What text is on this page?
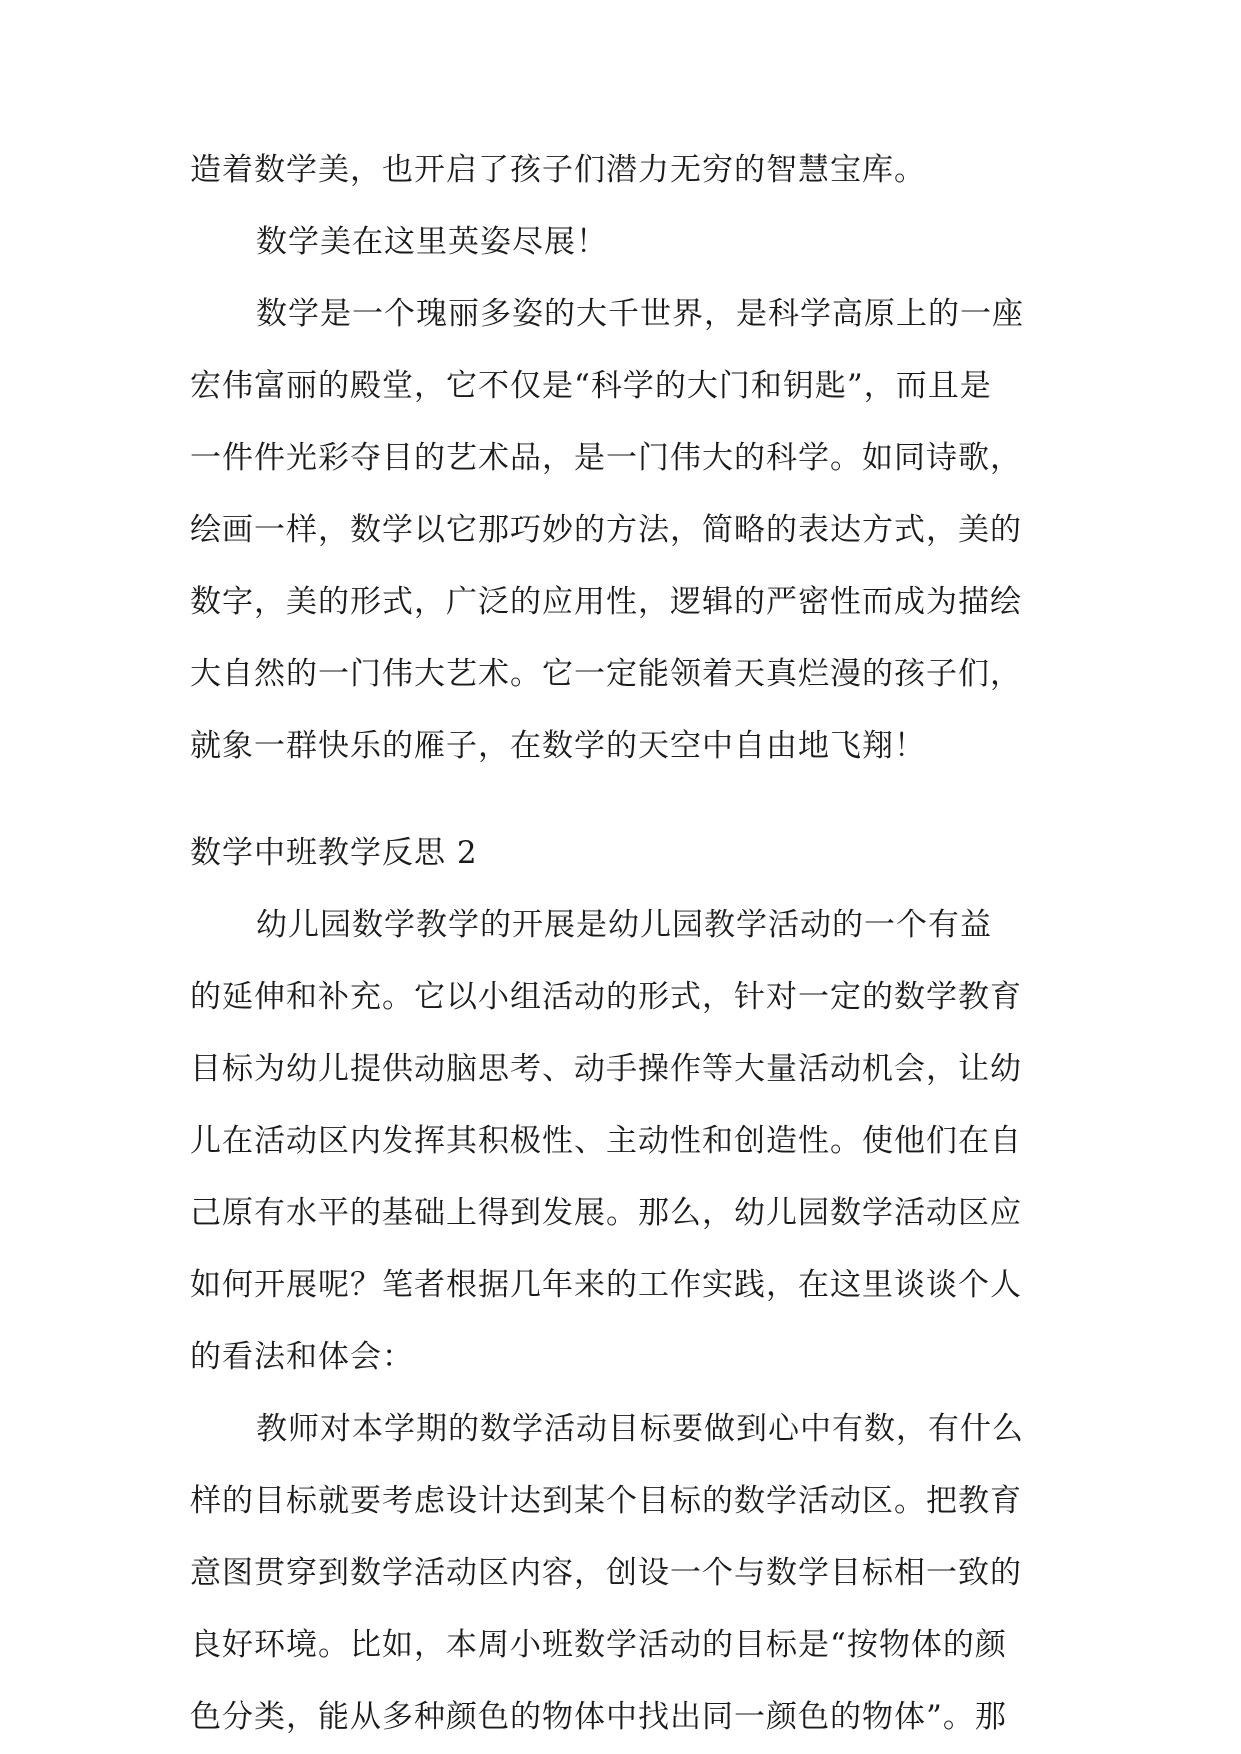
造着数学美，也开启了孩子们潜力无穷的智慧宝库。
数学美在这里英姿尽展！
数学是一个瑰丽多姿的大千世界，是科学高原上的一座
宏伟富丽的殿堂，它不仅是“科学的大门和钥匙”，而且是
一件件光彩夺目的艺术品，是一门伟大的科学。如同诗歌，
绘画一样，数学以它那巧妙的方法，简略的表达方式，美的
数字，美的形式，广泛的应用性，逻辑的严密性而成为描绘
大自然的一门伟大艺术。它一定能领着天真烂漫的孩子们，
就象一群快乐的雁子，在数学的天空中自由地飞翔！
数学中班教学反思 2
幼儿园数学教学的开展是幼儿园教学活动的一个有益
的延伸和补充。它以小组活动的形式，针对一定的数学教育
目标为幼儿提供动脑思考、动手操作等大量活动机会，让幼
儿在活动区内发挥其积极性、主动性和创造性。使他们在自
己原有水平的基础上得到发展。那么，幼儿园数学活动区应
如何开展呢？笔者根据几年来的工作实践，在这里谈谈个人
的看法和体会：
教师对本学期的数学活动目标要做到心中有数，有什么
样的目标就要考虑设计达到某个目标的数学活动区。把教育
意图贯穿到数学活动区内容，创设一个与数学目标相一致的
良好环境。比如，本周小班数学活动的目标是“按物体的颜
色分类，能从多种颜色的物体中找出同一颜色的物体”。那
